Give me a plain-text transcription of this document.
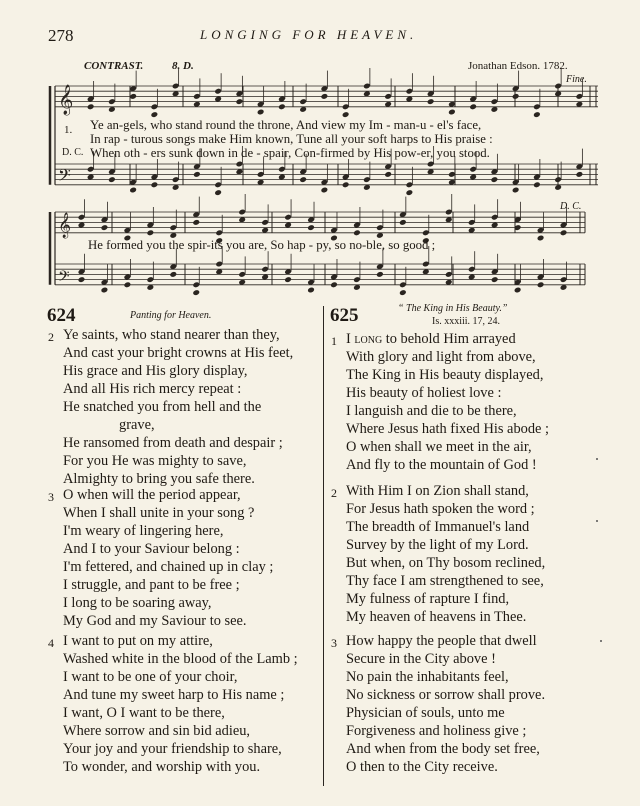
278	LONGING FOR HEAVEN.
CONTRAST.	8. D.	Jonathan Edson. 1782.
Fine.
D. C.
𝄞
𝄢
𝄞
𝄢
1.
D. C.
Ye an-gels, who stand round the throne, And view my Im - man-u - el's face,
In rap - turous songs make Him known, Tune all your soft harps to His praise :
When oth - ers sunk down in de - spair, Con-firmed by His pow-er, you stood.
He formed you the spir-its you are, So hap - py, so no-ble, so good ;
624	Panting for Heaven.
2 Ye saints, who stand nearer than they,
And cast your bright crowns at His feet,
His grace and His glory display,
And all His rich mercy repeat :
He snatched you from hell and the
grave,
He ransomed from death and despair ;
For you He was mighty to save,
Almighty to bring you safe there.
3 O when will the period appear,
When I shall unite in your song ?
I'm weary of lingering here,
And I to your Saviour belong :
I'm fettered, and chained up in clay ;
I struggle, and pant to be free ;
I long to be soaring away,
My God and my Saviour to see.
4 I want to put on my attire,
Washed white in the blood of the Lamb ;
I want to be one of your choir,
And tune my sweet harp to His name ;
I want, O I want to be there,
Where sorrow and sin bid adieu,
Your joy and your friendship to share,
To wonder, and worship with you.
625	“ The King in His Beauty.”
Is. xxxiii. 17, 24.
1 I long to behold Him arrayed
With glory and light from above,
The King in His beauty displayed,
His beauty of holiest love :
I languish and die to be there,
Where Jesus hath fixed His abode ;
O when shall we meet in the air,
And fly to the mountain of God !
2 With Him I on Zion shall stand,
For Jesus hath spoken the word ;
The breadth of Immanuel's land
Survey by the light of my Lord.
But when, on Thy bosom reclined,
Thy face I am strengthened to see,
My fulness of rapture I find,
My heaven of heavens in Thee.
3 How happy the people that dwell
Secure in the City above !
No pain the inhabitants feel,
No sickness or sorrow shall prove.
Physician of souls, unto me
Forgiveness and holiness give ;
And when from the body set free,
O then to the City receive.
